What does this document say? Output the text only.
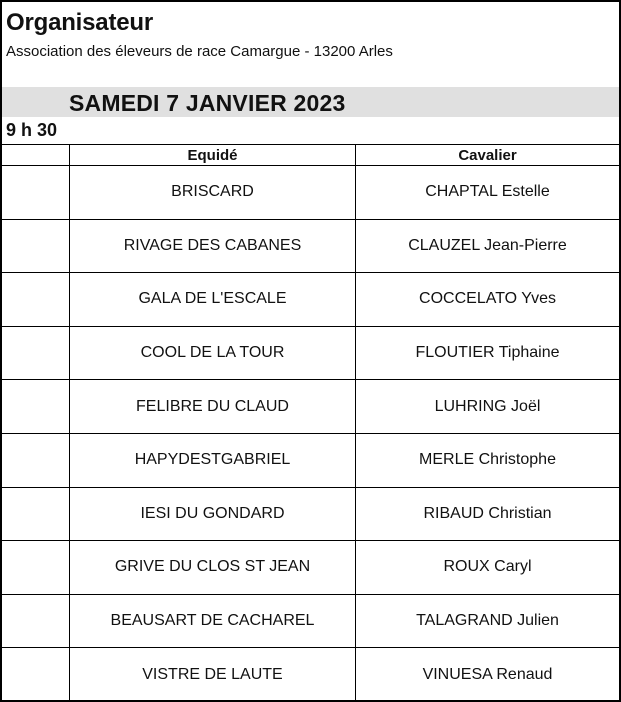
Organisateur
Association des éleveurs de race Camargue - 13200 Arles
SAMEDI 7 JANVIER 2023
9 h 30
	Equidé	Cavalier
	BRISCARD	CHAPTAL Estelle
	RIVAGE DES CABANES	CLAUZEL Jean-Pierre
	GALA DE L'ESCALE	COCCELATO Yves
	COOL DE LA TOUR	FLOUTIER Tiphaine
	FELIBRE DU CLAUD	LUHRING Joël
	HAPYDESTGABRIEL	MERLE Christophe
	IESI DU GONDARD	RIBAUD Christian
	GRIVE DU CLOS ST JEAN	ROUX Caryl
	BEAUSART DE CACHAREL	TALAGRAND Julien
	VISTRE DE LAUTE	VINUESA Renaud
